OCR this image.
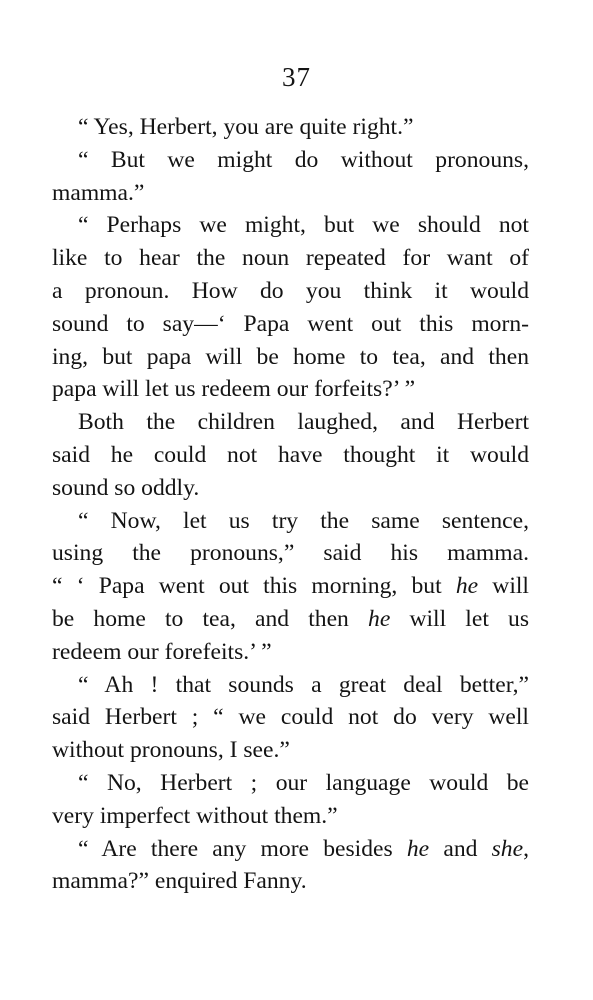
37
“ Yes, Herbert, you are quite right.”
“ But we might do without pronouns,
mamma.”
“ Perhaps we might, but we should not
like to hear the noun repeated for want of
a pronoun. How do you think it would
sound to say—‘ Papa went out this morn-
ing, but papa will be home to tea, and then
papa will let us redeem our forfeits?’ ”
Both the children laughed, and Herbert
said he could not have thought it would
sound so oddly.
“ Now, let us try the same sentence,
using the pronouns,” said his mamma.
“ ‘ Papa went out this morning, but he will
be home to tea, and then he will let us
redeem our forefeits.’ ”
“ Ah ! that sounds a great deal better,”
said Herbert ; “ we could not do very well
without pronouns, I see.”
“ No, Herbert ; our language would be
very imperfect without them.”
“ Are there any more besides he and she,
mamma?” enquired Fanny.
